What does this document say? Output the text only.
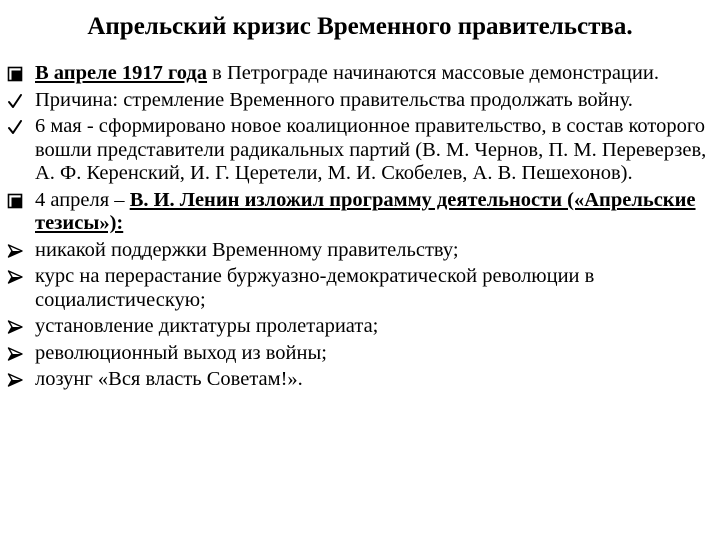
Апрельский кризис Временного правительства.
В апреле 1917 года в Петрограде начинаются массовые демонстрации.
Причина: стремление Временного правительства продолжать войну.
6 мая - сформировано новое коалиционное правительство, в состав которого вошли представители радикальных партий (В. М. Чернов, П. М. Переверзев, А. Ф. Керенский, И. Г. Церетели, М. И. Скобелев, А. В. Пешехонов).
4 апреля – В. И. Ленин изложил программу деятельности («Апрельские тезисы»):
никакой поддержки Временному правительству;
курс на перерастание буржуазно-демократической революции в социалистическую;
установление диктатуры пролетариата;
революционный выход из войны;
лозунг «Вся власть Советам!».
